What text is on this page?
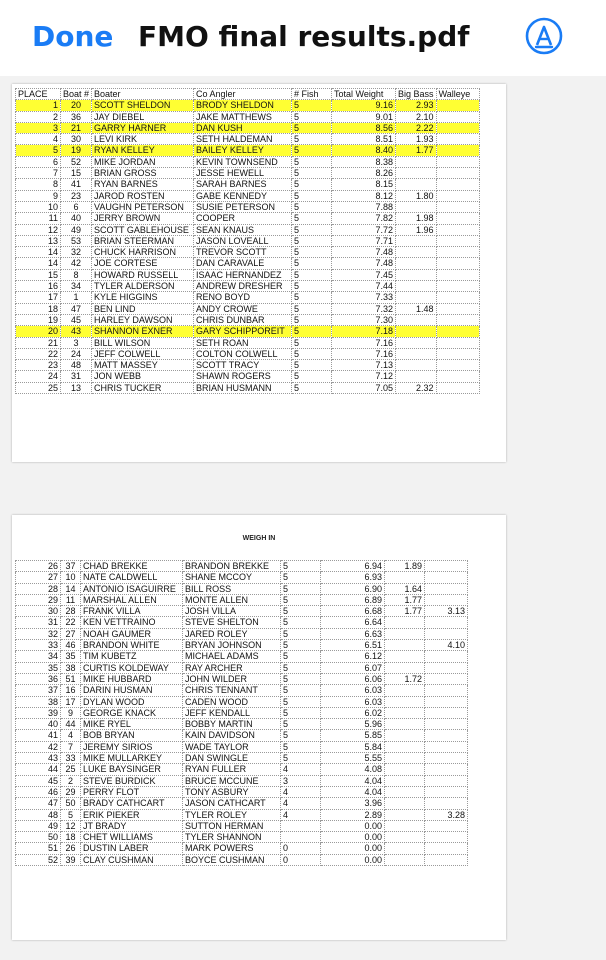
Done FMO final results.pdf
PLACE	Boat #	Boater	Co Angler	# Fish	Total Weight	Big Bass	Walleye
1	20	SCOTT SHELDON	BRODY SHELDON	5	9.16	2.93	
2	36	JAY DIEBEL	JAKE MATTHEWS	5	9.01	2.10	
3	21	GARRY HARNER	DAN KUSH	5	8.56	2.22	
4	30	LEVI KIRK	SETH HALDEMAN	5	8.51	1.93	
5	19	RYAN KELLEY	BAILEY KELLEY	5	8.40	1.77	
6	52	MIKE JORDAN	KEVIN TOWNSEND	5	8.38		
7	15	BRIAN GROSS	JESSE HEWELL	5	8.26		
8	41	RYAN BARNES	SARAH BARNES	5	8.15		
9	23	JAROD ROSTEN	GABE KENNEDY	5	8.12	1.80	
10	6	VAUGHN PETERSON	SUSIE PETERSON	5	7.88		
11	40	JERRY BROWN	COOPER	5	7.82	1.98	
12	49	SCOTT GABLEHOUSE	SEAN KNAUS	5	7.72	1.96	
13	53	BRIAN STEERMAN	JASON LOVEALL	5	7.71		
14	32	CHUCK HARRISON	TREVOR SCOTT	5	7.48		
14	42	JOE CORTESE	DAN CARAVALE	5	7.48		
15	8	HOWARD RUSSELL	ISAAC HERNANDEZ	5	7.45		
16	34	TYLER ALDERSON	ANDREW DRESHER	5	7.44		
17	1	KYLE HIGGINS	RENO BOYD	5	7.33		
18	47	BEN LIND	ANDY CROWE	5	7.32	1.48	
19	45	HARLEY DAWSON	CHRIS DUNBAR	5	7.30		
20	43	SHANNON EXNER	GARY SCHIPPOREIT	5	7.18		
21	3	BILL WILSON	SETH ROAN	5	7.16		
22	24	JEFF COLWELL	COLTON COLWELL	5	7.16		
23	48	MATT MASSEY	SCOTT TRACY	5	7.13		
24	31	JON WEBB	SHAWN ROGERS	5	7.12		
25	13	CHRIS TUCKER	BRIAN HUSMANN	5	7.05	2.32	
WEIGH IN
26	37	CHAD BREKKE	BRANDON BREKKE	5	6.94	1.89	
27	10	NATE CALDWELL	SHANE MCCOY	5	6.93		
28	14	ANTONIO ISAGUIRRE	BILL ROSS	5	6.90	1.64	
29	11	MARSHAL ALLEN	MONTE ALLEN	5	6.89	1.77	
30	28	FRANK VILLA	JOSH VILLA	5	6.68	1.77	3.13
31	22	KEN VETTRAINO	STEVE SHELTON	5	6.64		
32	27	NOAH GAUMER	JARED ROLEY	5	6.63		
33	46	BRANDON WHITE	BRYAN JOHNSON	5	6.51		4.10
34	35	TIM KUBETZ	MICHAEL ADAMS	5	6.12		
35	38	CURTIS KOLDEWAY	RAY ARCHER	5	6.07		
36	51	MIKE HUBBARD	JOHN WILDER	5	6.06	1.72	
37	16	DARIN HUSMAN	CHRIS TENNANT	5	6.03		
38	17	DYLAN WOOD	CADEN WOOD	5	6.03		
39	9	GEORGE KNACK	JEFF KENDALL	5	6.02		
40	44	MIKE RYEL	BOBBY MARTIN	5	5.96		
41	4	BOB BRYAN	KAIN DAVIDSON	5	5.85		
42	7	JEREMY SIRIOS	WADE TAYLOR	5	5.84		
43	33	MIKE MULLARKEY	DAN SWINGLE	5	5.55		
44	25	LUKE BAYSINGER	RYAN FULLER	4	4.08		
45	2	STEVE BURDICK	BRUCE MCCUNE	3	4.04		
46	29	PERRY FLOT	TONY ASBURY	4	4.04		
47	50	BRADY CATHCART	JASON CATHCART	4	3.96		
48	5	ERIK PIEKER	TYLER ROLEY	4	2.89		3.28
49	12	JT BRADY	SUTTON HERMAN		0.00		
50	18	CHET WILLIAMS	TYLER SHANNON		0.00		
51	26	DUSTIN LABER	MARK POWERS	0	0.00		
52	39	CLAY CUSHMAN	BOYCE CUSHMAN	0	0.00		
